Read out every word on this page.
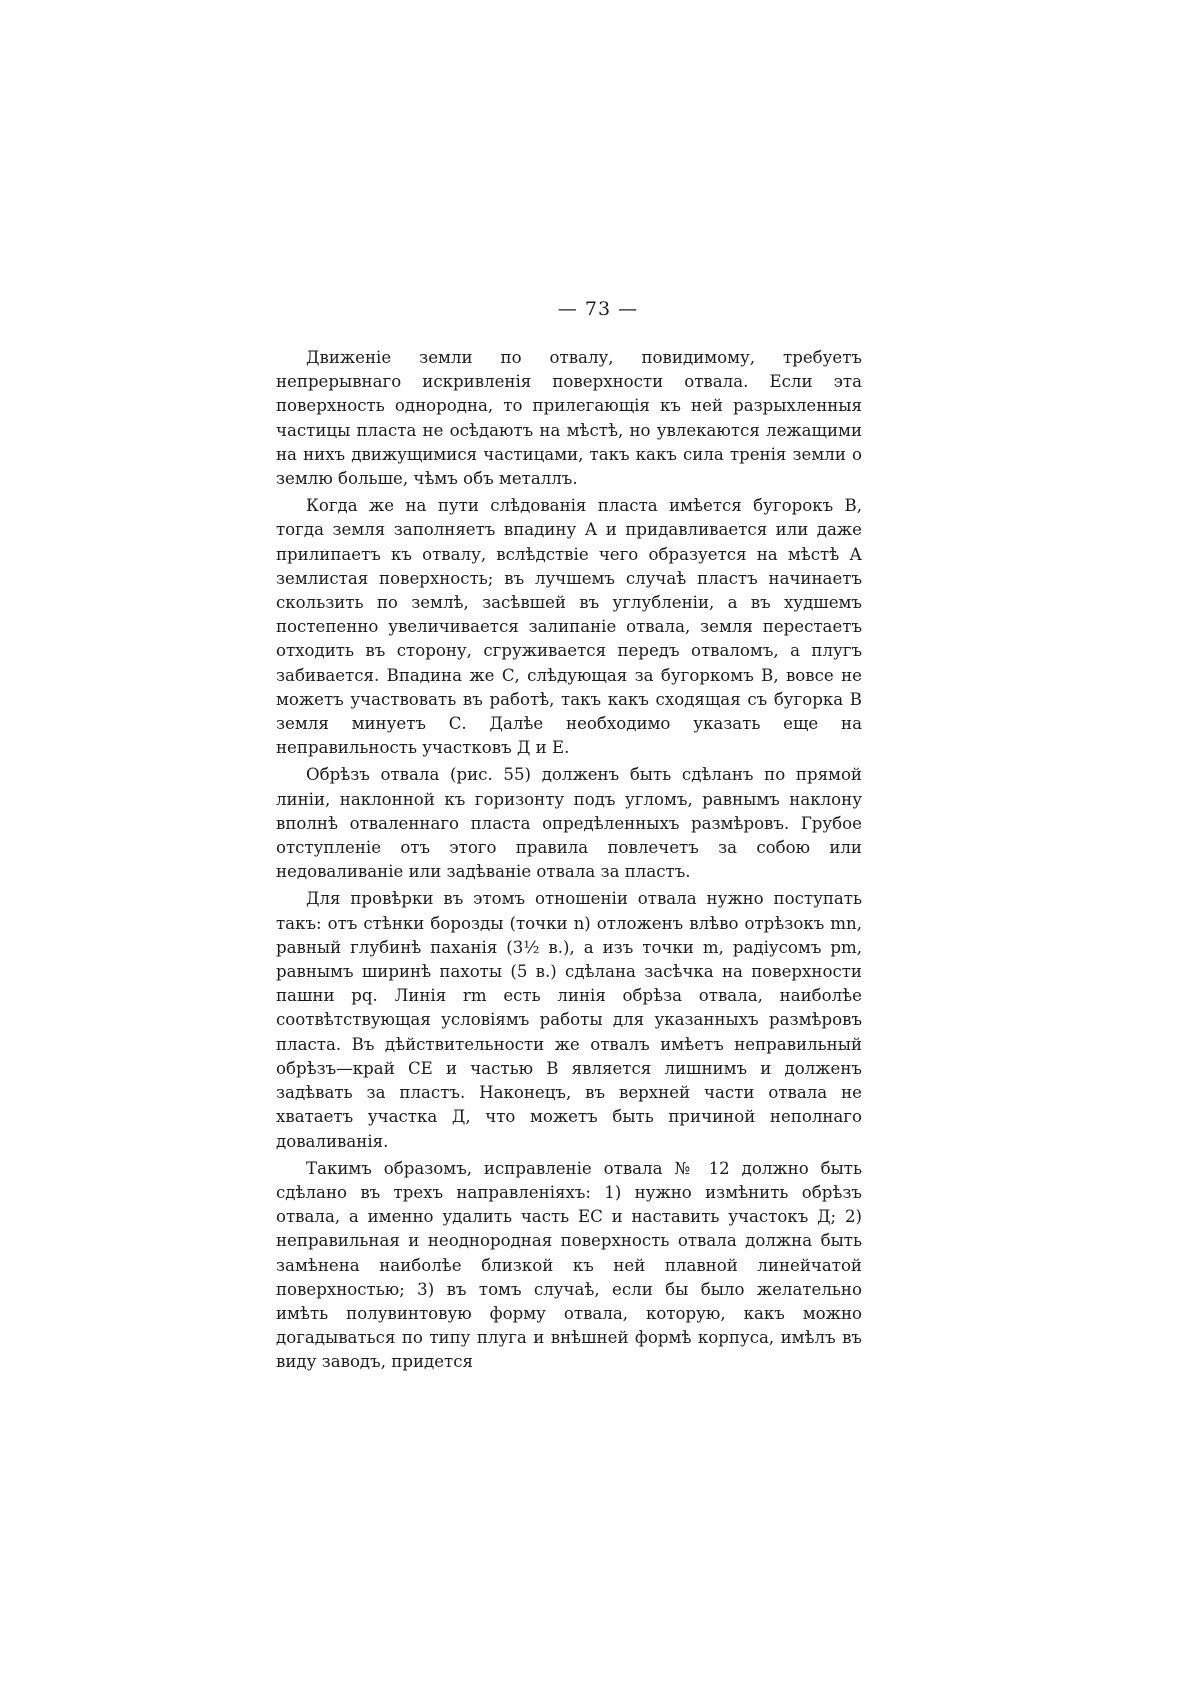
— 73 —

Движеніе земли по отвалу, повидимому, требуетъ непрерывнаго искривленія поверхности отвала. Если эта поверхность однородна, то прилегающія къ ней разрыхленныя частицы пласта не осѣдаютъ на мѣстѣ, но увлекаются лежащими на нихъ движущимися частицами, такъ какъ сила тренія земли о землю больше, чѣмъ объ металлъ.

Когда же на пути слѣдованія пласта имѣется бугорокъ В, тогда земля заполняетъ впадину А и придавливается или даже прилипаетъ къ отвалу, вслѣдствіе чего образуется на мѣстѣ А землистая поверхность; въ лучшемъ случаѣ пластъ начинаетъ скользить по землѣ, засѣвшей въ углубленіи, а въ худшемъ постепенно увеличивается залипаніе отвала, земля перестаетъ отходить въ сторону, сгруживается передъ отваломъ, а плугъ забивается. Впадина же С, слѣдующая за бугоркомъ В, вовсе не можетъ участвовать въ работѣ, такъ какъ сходящая съ бугорка В земля минуетъ С. Далѣе необходимо указать еще на неправильность участковъ Д и Е.

Обрѣзъ отвала (рис. 55) долженъ быть сдѣланъ по прямой линіи, наклонной къ горизонту подъ угломъ, равнымъ наклону вполнѣ отваленнаго пласта опредѣленныхъ размѣровъ. Грубое отступленіе отъ этого правила повлечетъ за собою или недоваливаніе или задѣваніе отвала за пластъ.

Для провѣрки въ этомъ отношеніи отвала нужно поступать такъ: отъ стѣнки борозды (точки n) отложенъ влѣво отрѣзокъ mn, равный глубинѣ паханія (3½ в.), а изъ точки m, радіусомъ pm, равнымъ ширинѣ пахоты (5 в.) сдѣлана засѣчка на поверхности пашни pq. Линія rm есть линія обрѣза отвала, наиболѣе соотвѣтствующая условіямъ работы для указанныхъ размѣровъ пласта. Въ дѣйствительности же отвалъ имѣетъ неправильный обрѣзъ—край СЕ и частью В является лишнимъ и долженъ задѣвать за пластъ. Наконецъ, въ верхней части отвала не хватаетъ участка Д, что можетъ быть причиной неполнаго доваливанія.

Такимъ образомъ, исправленіе отвала № 12 должно быть сдѣлано въ трехъ направленіяхъ: 1) нужно измѣнить обрѣзъ отвала, а именно удалить часть ЕС и наставить участокъ Д; 2) неправильная и неоднородная поверхность отвала должна быть замѣнена наиболѣе близкой къ ней плавной линейчатой поверхностью; 3) въ томъ случаѣ, если бы было желательно имѣть полувинтовую форму отвала, которую, какъ можно догадываться по типу плуга и внѣшней формѣ корпуса, имѣлъ въ виду заводъ, придется
